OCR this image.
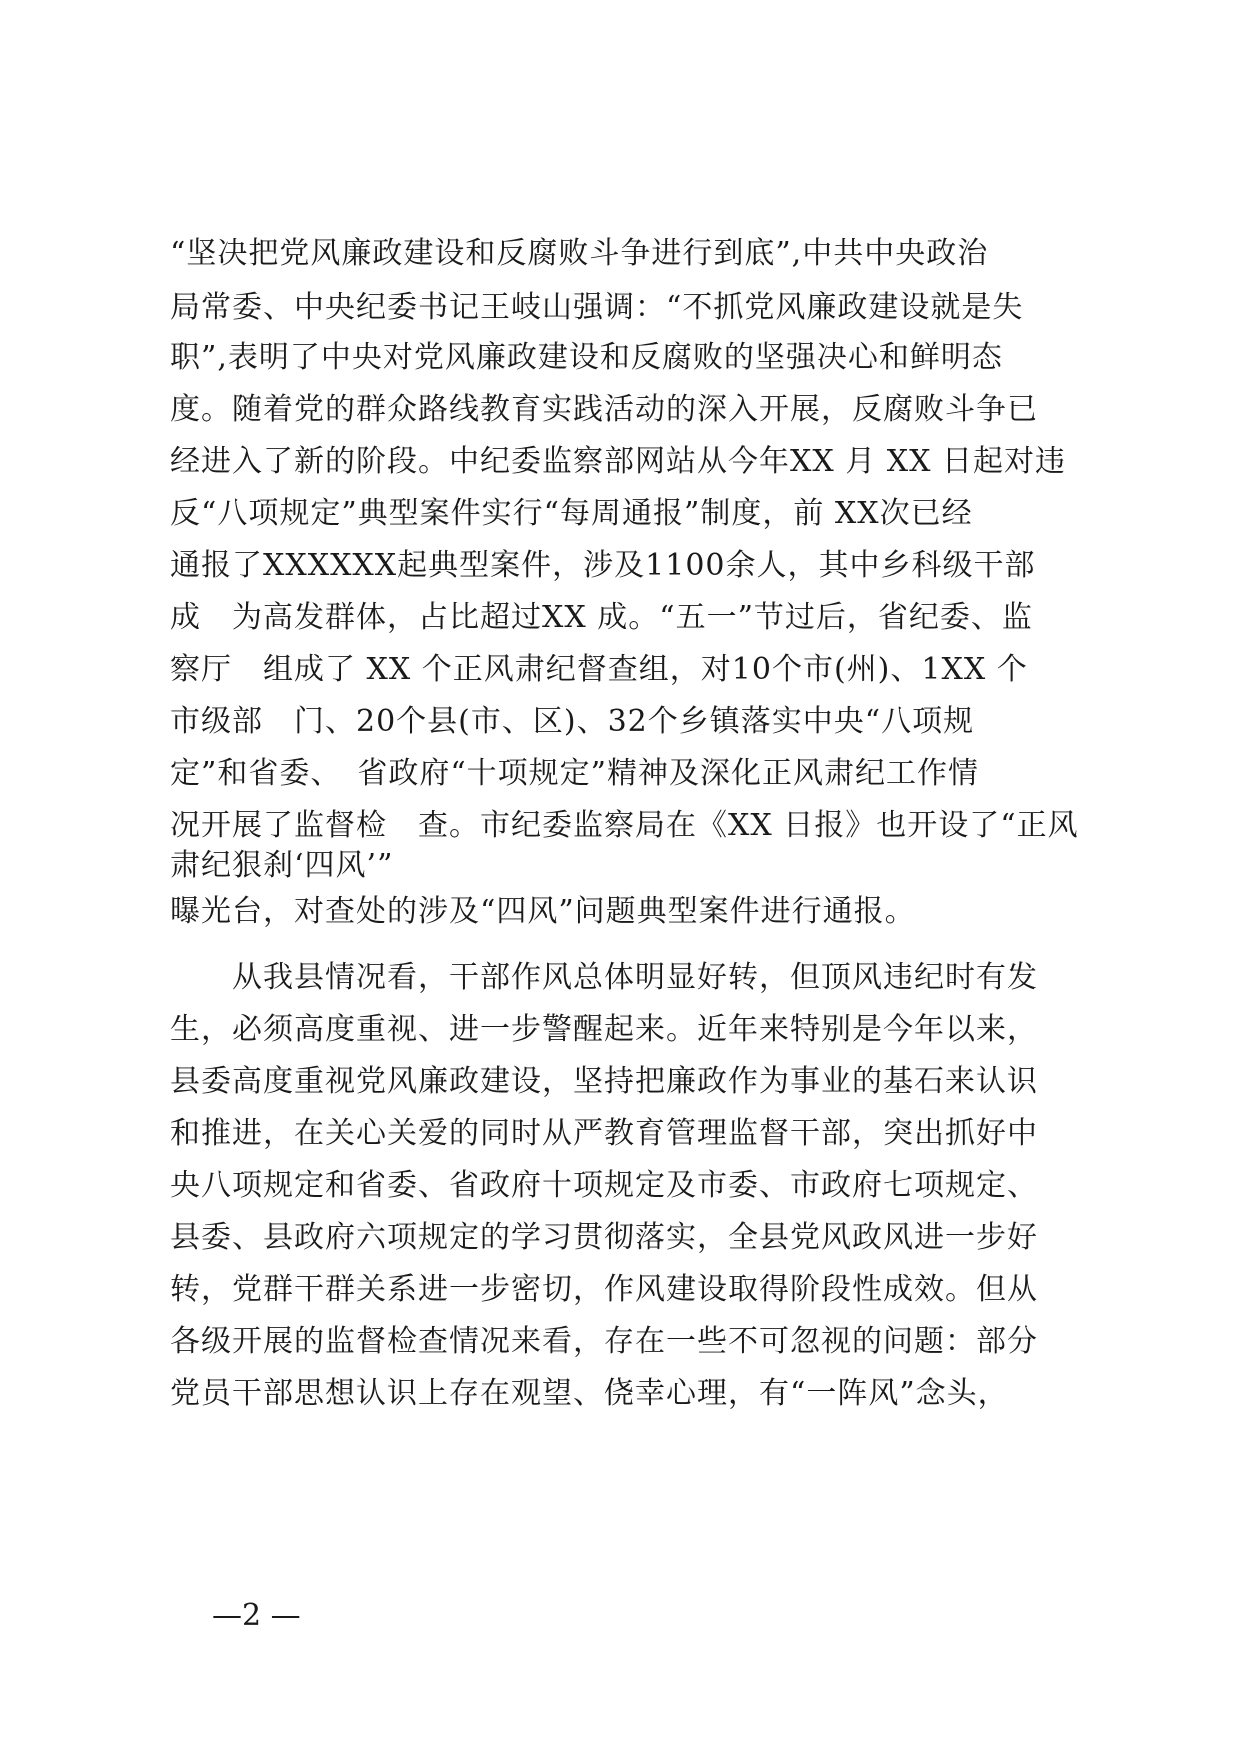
“坚决把党风廉政建设和反腐败斗争进行到底”,中共中央政治
局常委、中央纪委书记王岐山强调：“不抓党风廉政建设就是失
职”,表明了中央对党风廉政建设和反腐败的坚强决心和鲜明态
度。随着党的群众路线教育实践活动的深入开展，反腐败斗争已
经进入了新的阶段。中纪委监察部网站从今年XX 月 XX 日起对违
反“八项规定”典型案件实行“每周通报”制度，前 XX次已经
通报了XXXXXX起典型案件，涉及1100余人，其中乡科级干部
成　为高发群体，占比超过XX 成。“五一”节过后，省纪委、监
察厅　组成了 XX 个正风肃纪督查组，对10个市(州)、1XX 个
市级部　门、20个县(市、区)、32个乡镇落实中央“八项规
定”和省委、　省政府“十项规定”精神及深化正风肃纪工作情
况开展了监督检　查。市纪委监察局在《XX 日报》也开设了“正风
肃纪狠刹‘四风’”
曝光台，对查处的涉及“四风”问题典型案件进行通报。
　　从我县情况看，干部作风总体明显好转，但顶风违纪时有发
生，必须高度重视、进一步警醒起来。近年来特别是今年以来，
县委高度重视党风廉政建设，坚持把廉政作为事业的基石来认识
和推进，在关心关爱的同时从严教育管理监督干部，突出抓好中
央八项规定和省委、省政府十项规定及市委、市政府七项规定、
县委、县政府六项规定的学习贯彻落实，全县党风政风进一步好
转，党群干群关系进一步密切，作风建设取得阶段性成效。但从
各级开展的监督检查情况来看，存在一些不可忽视的问题：部分
党员干部思想认识上存在观望、侥幸心理，有“一阵风”念头，
—2 —
